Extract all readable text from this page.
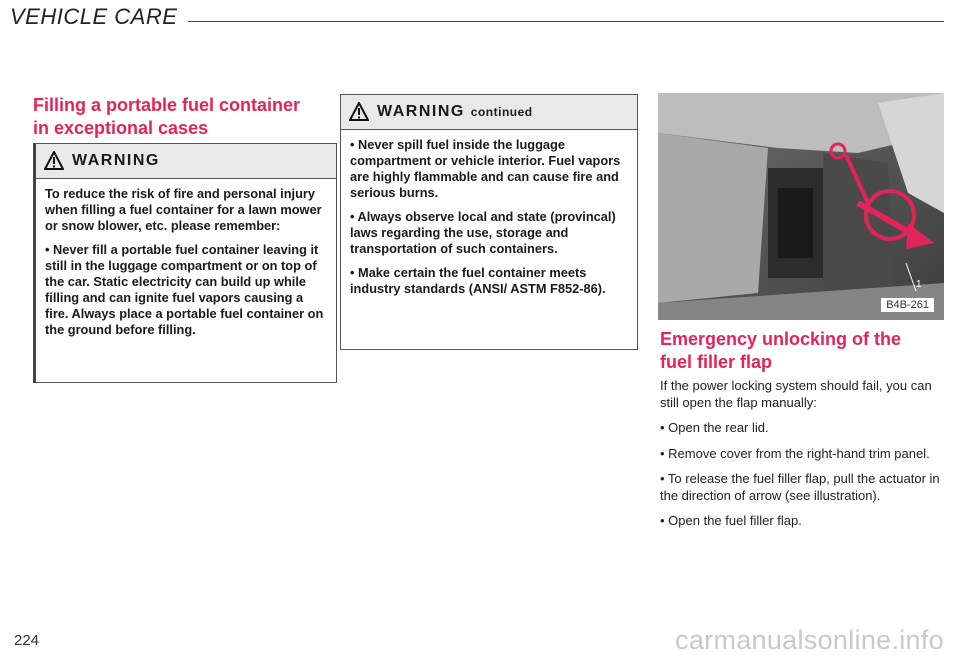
VEHICLE CARE

Filling a portable fuel container

in exceptional cases

WARNING

To reduce the risk of fire and personal injury when filling a fuel container for a lawn mower or snow blower, etc. please remember:

• Never fill a portable fuel container leaving it still in the luggage compartment or on top of the car. Static electricity can build up while filling and can ignite fuel vapors causing a fire. Always place a portable fuel container on the ground before filling.

WARNING continued

• Never spill fuel inside the luggage compartment or vehicle interior. Fuel vapors are highly flammable and can cause fire and serious burns.

• Always observe local and state (provincal) laws regarding the use, storage and transportation of such containers.

• Make certain the fuel container meets industry standards (ANSI/ ASTM F852-86).	1
B4B-261

Emergency unlocking of the

fuel filler flap

If the power locking system should fail, you can still open the flap manually:

• Open the rear lid.

• Remove cover from the right-hand trim panel.

• To release the fuel filler flap, pull the actuator in the direction of arrow (see illustration).

• Open the fuel filler flap.

224	carmanualsonline.info
